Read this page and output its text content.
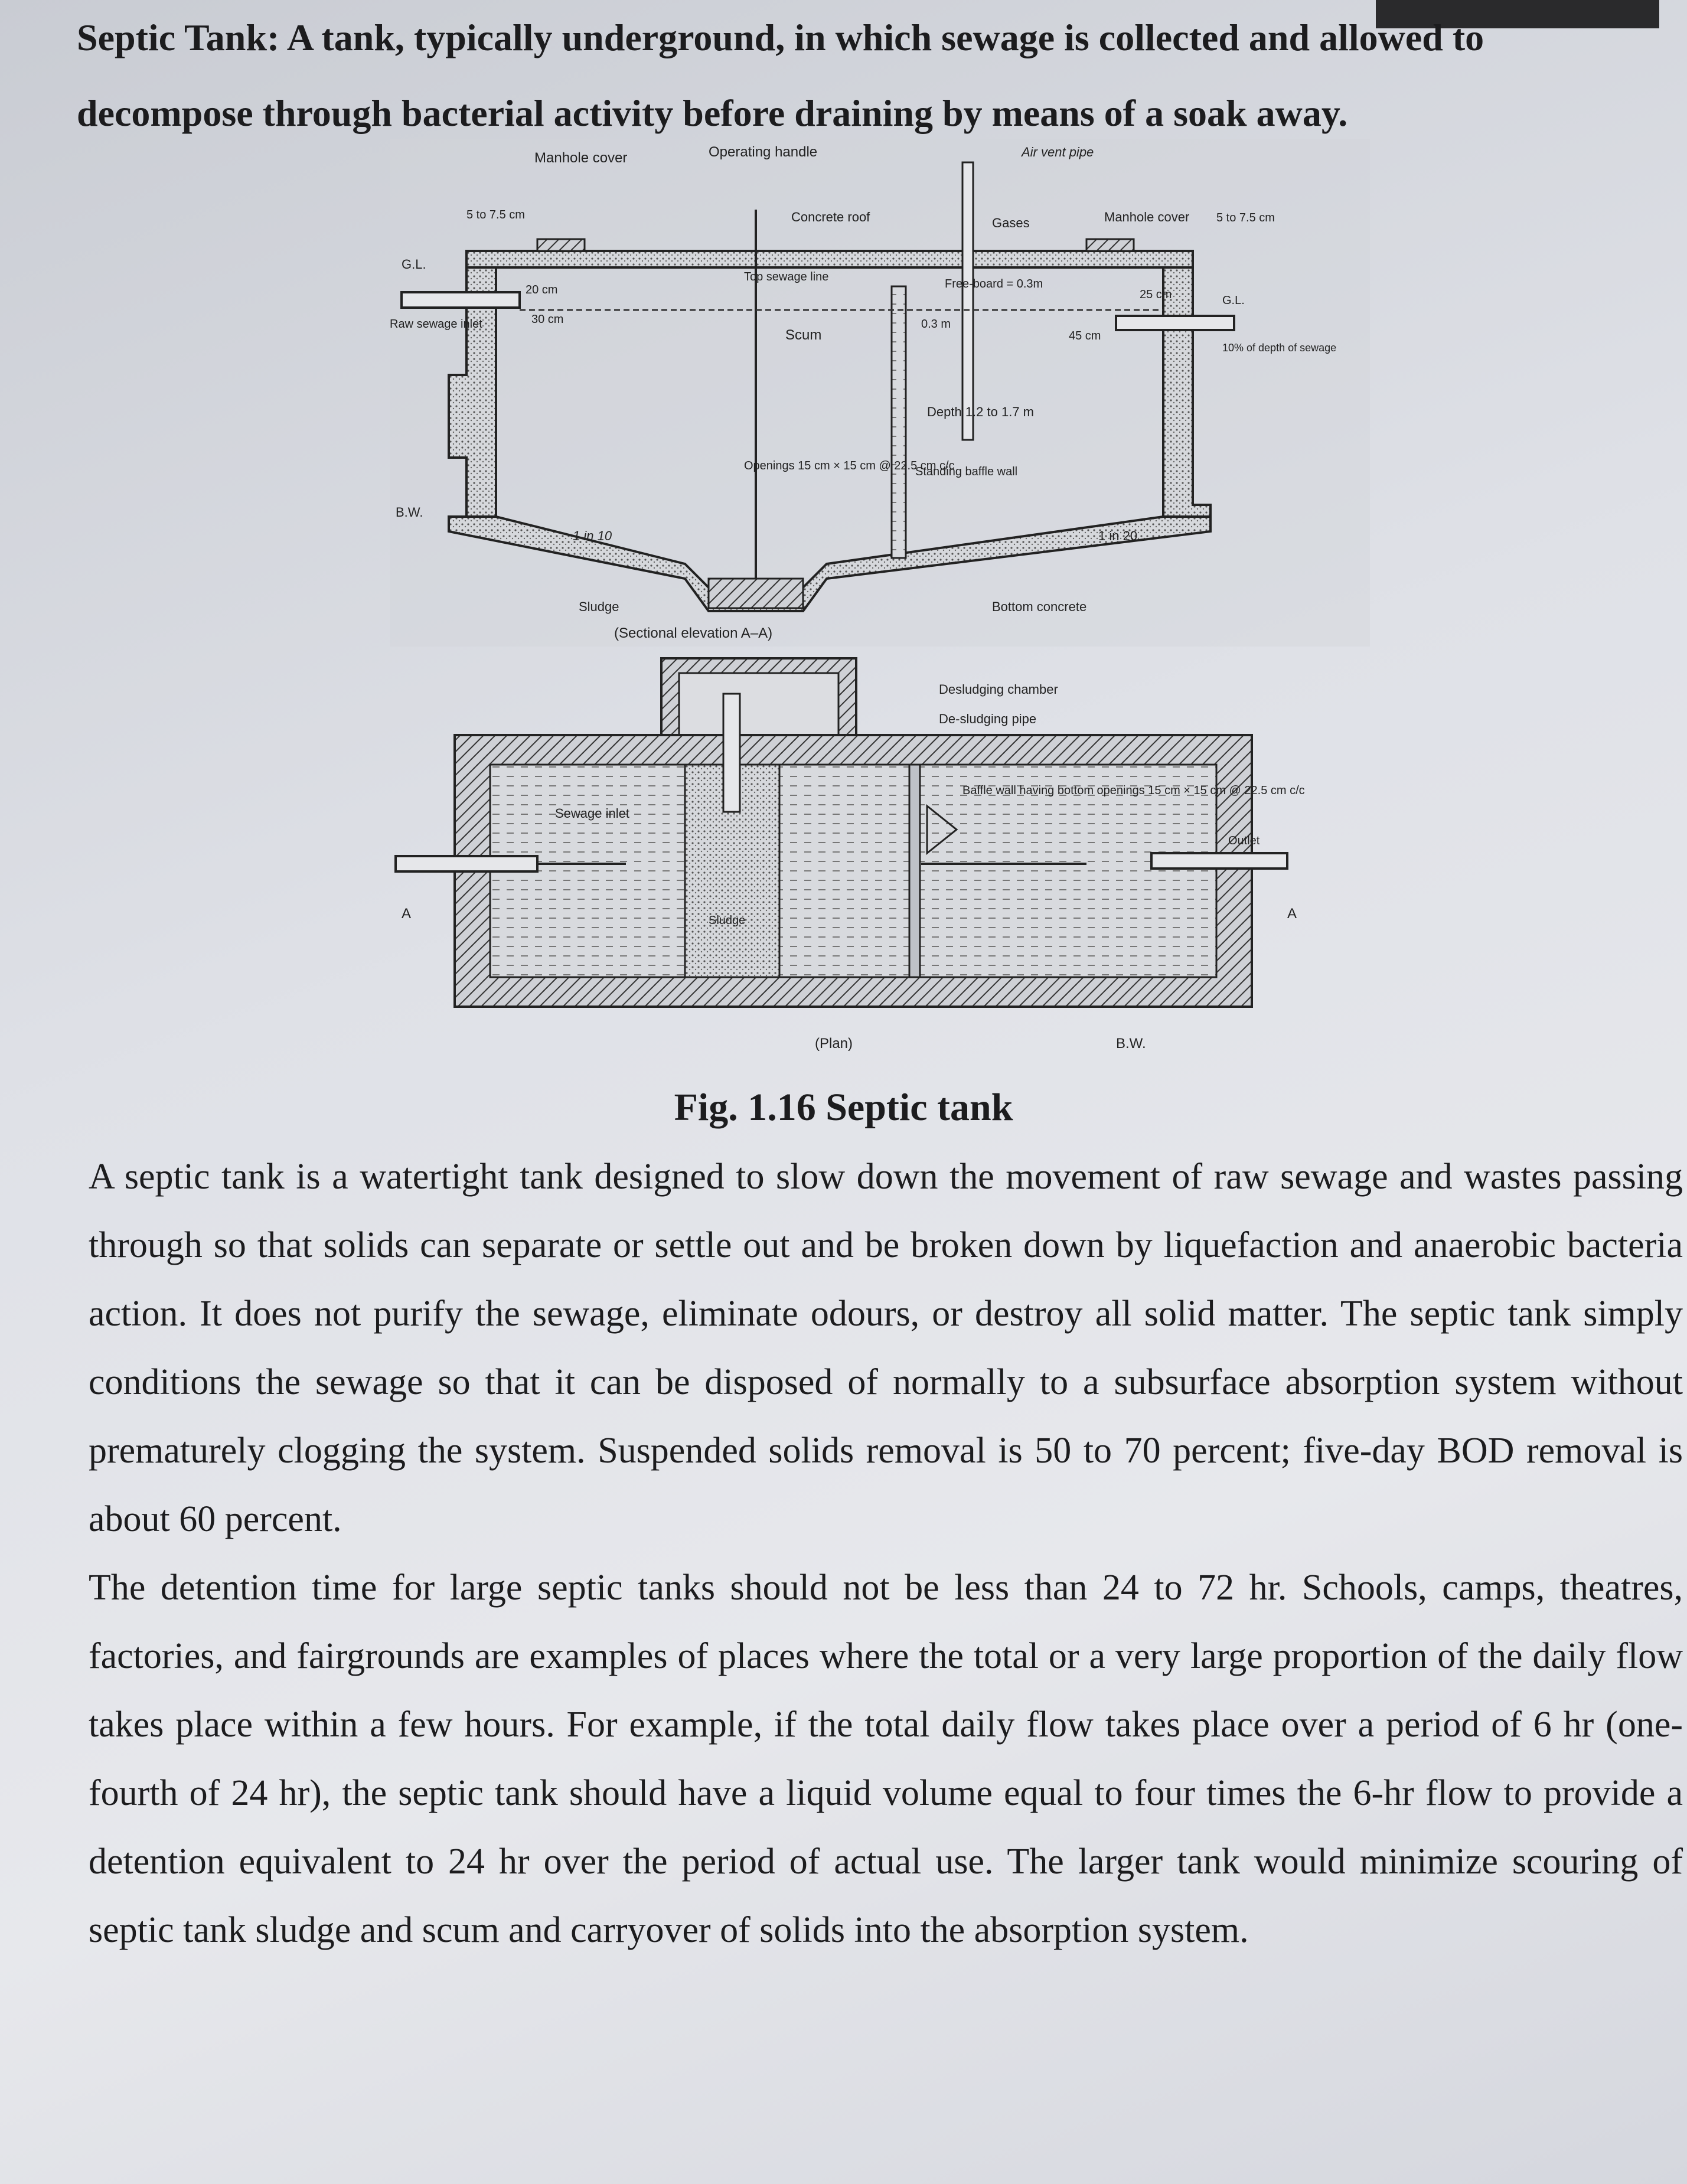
Septic Tank: A tank, typically underground, in which sewage is collected and allowed to decompose through bacterial activity before draining by means of a soak away.

Manhole cover	Operating handle	Air vent pipe
5 to 7.5 cm	Concrete roof	Gases	Manhole cover 5 to 7.5 cm
G.L.
Top sewage line
Free-board = 0.3m
G.L.
Raw sewage inlet
20 cm
30 cm
Scum
0.3 m
45 cm
25 cm
10% of depth of sewage
Depth 1.2 to 1.7 m
Openings 15 cm × 15 cm @ 22.5 cm c/c
Standing baffle wall
B.W.
1 in 10	1 in 20
Sludge	Bottom concrete
(Sectional elevation A–A)
Desludging chamber
De-sludging pipe
Sewage inlet
Sludge
Baffle wall having bottom openings 15 cm × 15 cm @ 22.5 cm c/c
Outlet
A	A
(Plan)	B.W.
Fig. 1.16 Septic tank

A septic tank is a watertight tank designed to slow down the movement of raw sewage and wastes passing through so that solids can separate or settle out and be broken down by liquefaction and anaerobic bacteria action. It does not purify the sewage, eliminate odours, or destroy all solid matter. The septic tank simply conditions the sewage so that it can be disposed of normally to a subsurface absorption system without prematurely clogging the system. Suspended solids removal is 50 to 70 percent; five-day BOD removal is about 60 percent.

The detention time for large septic tanks should not be less than 24 to 72 hr. Schools, camps, theatres, factories, and fairgrounds are examples of places where the total or a very large proportion of the daily flow takes place within a few hours. For example, if the total daily flow takes place over a period of 6 hr (one-fourth of 24 hr), the septic tank should have a liquid volume equal to four times the 6-hr flow to provide a detention equivalent to 24 hr over the period of actual use. The larger tank would minimize scouring of septic tank sludge and scum and carryover of solids into the absorption system.
